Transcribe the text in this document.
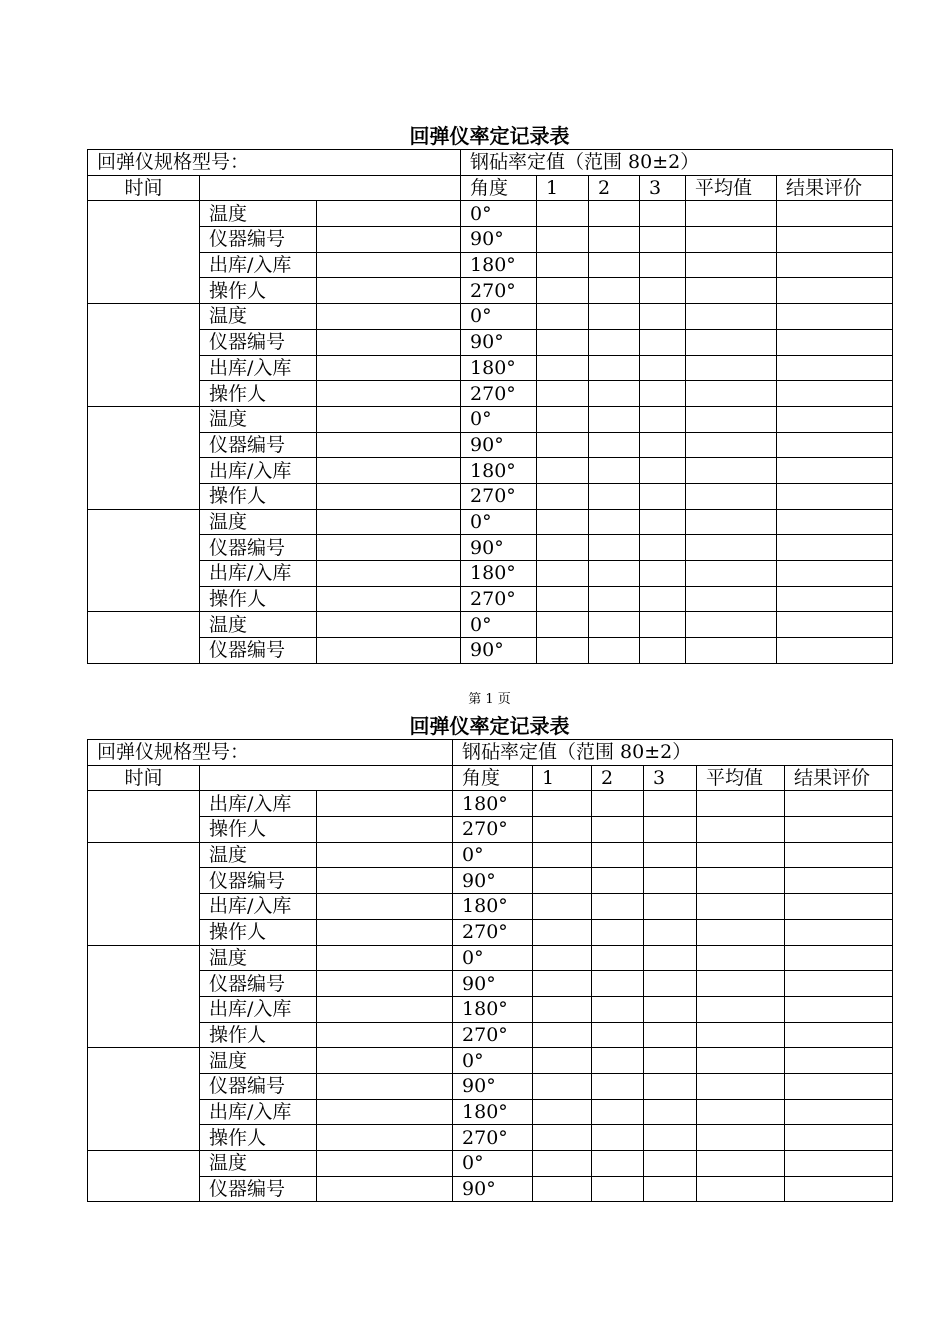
回弹仪率定记录表
回弹仪规格型号：			钢砧率定值（范围 80±2）					
时间			角度	1	2	3	平均值	结果评价
	温度		0°					
	仪器编号		90°					
	出库/入库		180°					
	操作人		270°					
	温度		0°					
	仪器编号		90°					
	出库/入库		180°					
	操作人		270°					
	温度		0°					
	仪器编号		90°					
	出库/入库		180°					
	操作人		270°					
	温度		0°					
	仪器编号		90°					
	出库/入库		180°					
	操作人		270°					
	温度		0°					
	仪器编号		90°					
第 1 页
回弹仪率定记录表
回弹仪规格型号：			钢砧率定值（范围 80±2）					
时间			角度	1	2	3	平均值	结果评价
	出库/入库		180°					
	操作人		270°					
	温度		0°					
	仪器编号		90°					
	出库/入库		180°					
	操作人		270°					
	温度		0°					
	仪器编号		90°					
	出库/入库		180°					
	操作人		270°					
	温度		0°					
	仪器编号		90°					
	出库/入库		180°					
	操作人		270°					
	温度		0°					
	仪器编号		90°					
